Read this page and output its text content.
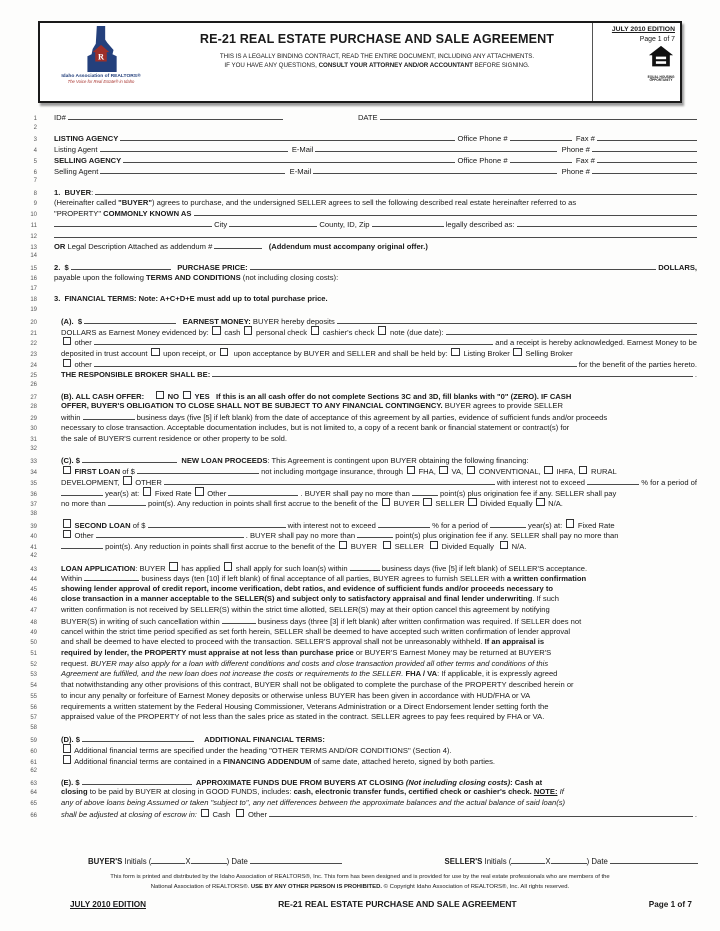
R
Idaho Association of REALTORS®
The Voice for Real Estate® in Idaho
RE-21 REAL ESTATE PURCHASE AND SALE AGREEMENT
THIS IS A LEGALLY BINDING CONTRACT, READ THE ENTIRE DOCUMENT, INCLUDING ANY ATTACHMENTS.
IF YOU HAVE ANY QUESTIONS, CONSULT YOUR ATTORNEY AND/OR ACCOUNTANT BEFORE SIGNING.
JULY 2010 EDITION
Page 1 of 7
EQUAL HOUSING
OPPORTUNITY
1 ID#	DATE
2
3 LISTING AGENCY	Office Phone #	Fax #
4 Listing Agent	E-Mail	Phone #
5 SELLING AGENCY	Office Phone #	Fax #
6 Selling Agent	E-Mail	Phone #
7
8 1.  BUYER :
9 (Hereinafter called "BUYER" ) agrees to purchase, and the undersigned SELLER agrees to sell the following described real estate hereinafter referred to as
10 "PROPERTY" COMMONLY KNOWN AS
11	City	County, ID, Zip	legally described as:
12
13 OR Legal Description Attached as addendum #
	(Addendum must accompany original offer.)
14
15 2.  $
	PURCHASE PRICE:	DOLLARS,
16 payable upon the following TERMS AND CONDITIONS (not including closing costs):
17
18 3.  FINANCIAL TERMS: Note: A+C+D+E must add up to total purchase price.
19
20	(A).  $
	EARNEST MONEY: BUYER hereby deposits
21	DOLLARS as Earnest Money evidenced by: cash personal check cashier's check note (due date):
22	other	and a receipt is hereby acknowledged. Earnest Money to be
23	deposited in trust account upon receipt, or upon acceptance by BUYER and SELLER and shall be held by: Listing Broker Selling Broker
24	other	for the benefit of the parties hereto.
25	THE RESPONSIBLE BROKER SHALL BE:	.
26
27	(B). ALL CASH OFFER:	NO YES
If this is an all cash offer do not complete Sections 3C and 3D, fill blanks with "0" (ZERO). IF CASH
28	OFFER, BUYER'S OBLIGATION TO CLOSE SHALL NOT BE SUBJECT TO ANY FINANCIAL CONTINGENCY. BUYER agrees to provide SELLER
29	within	business days (five [5] if left blank) from the date of acceptance of this agreement by all parties, evidence of sufficient funds and/or proceeds
30	necessary to close transaction. Acceptable documentation includes, but is not limited to, a copy of a recent bank or financial statement or contract(s) for
31	the sale of BUYER'S current residence or other property to be sold.
32
33	(C). $
	NEW LOAN PROCEEDS : This Agreement is contingent upon BUYER obtaining the following financing:
34
	FIRST LOAN of $	not including mortgage insurance, through FHA, VA, CONVENTIONAL, IHFA, RURAL
35	DEVELOPMENT, OTHER	with interest not to exceed	% for a period of
36	year(s) at: Fixed Rate Other	. BUYER shall pay no more than	point(s) plus origination fee if any. SELLER shall pay
37	no more than	point(s). Any reduction in points shall first accrue to the benefit of the BUYER SELLER Divided Equally N/A.
38
39
	SECOND LOAN of $	with interest not to exceed	% for a period of	year(s) at: Fixed Rate
40	Other	. BUYER shall pay no more than	point(s) plus origination fee if any. SELLER shall pay no more than
41	point(s). Any reduction in points shall first accrue to the benefit of the BUYER SELLER Divided Equally N/A.
42
43	LOAN APPLICATION : BUYER has applied shall apply for such loan(s) within	business days (five [5] if left blank) of SELLER'S acceptance.
44	Within	business days (ten [10] if left blank) of final acceptance of all parties, BUYER agrees to furnish SELLER with a written confirmation
45	showing lender approval of credit report, income verification, debt ratios, and evidence of sufficient funds and/or proceeds necessary to
46	close transaction in a manner acceptable to the SELLER(S) and subject only to satisfactory appraisal and final lender underwriting . If such
47	written confirmation is not received by SELLER(S) within the strict time allotted, SELLER(S) may at their option cancel this agreement by notifying
48	BUYER(S) in writing of such cancellation within	business days (three [3] if left blank) after written confirmation was required. If SELLER does not
49	cancel within the strict time period specified as set forth herein, SELLER shall be deemed to have accepted such written confirmation of lender approval
50	and shall be deemed to have elected to proceed with the transaction. SELLER'S approval shall not be unreasonably withheld. If an appraisal is
51	required by lender, the PROPERTY must appraise at not less than purchase price or BUYER'S Earnest Money may be returned at BUYER'S
52	request. BUYER may also apply for a loan with different conditions and costs and close transaction provided all other terms and conditions of this
53	Agreement are fulfilled, and the new loan does not increase the costs or requirements to the SELLER. FHA / VA : If applicable, it is expressly agreed
54	that notwithstanding any other provisions of this contract, BUYER shall not be obligated to complete the purchase of the PROPERTY described herein or
55	to incur any penalty or forfeiture of Earnest Money deposits or otherwise unless BUYER has been given in accordance with HUD/FHA or VA
56	requirements a written statement by the Federal Housing Commissioner, Veterans Administration or a Direct Endorsement lender setting forth the
57	appraised value of the PROPERTY of not less than the sales price as stated in the contract. SELLER agrees to pay fees required by FHA or VA.
58
59	(D). $	ADDITIONAL FINANCIAL TERMS:
60	Additional financial terms are specified under the heading "OTHER TERMS AND/OR CONDITIONS" (Section 4).
61	Additional financial terms are contained in a FINANCING ADDENDUM of same date, attached hereto, signed by both parties.
62
63	(E). $
	APPROXIMATE FUNDS DUE FROM BUYERS AT CLOSING (Not including closing costs) : Cash at
64	closing to be paid by BUYER at closing in GOOD FUNDS, includes: cash, electronic transfer funds, certified check or cashier's check. NOTE: If
65	any of above loans being Assumed or taken "subject to", any net differences between the approximate balances and the actual balance of said loan(s)
66	shall be adjusted at closing of escrow in: Cash Other	.
BUYER'S Initials (	X	) Date	SELLER'S Initials (	X	) Date
This form is printed and distributed by the Idaho Association of REALTORS®, Inc. This form has been designed and is provided for use by the real estate professionals who are members of the
National Association of REALTORS®. USE BY ANY OTHER PERSON IS PROHIBITED. © Copyright Idaho Association of REALTORS®, Inc. All rights reserved.
JULY 2010 EDITION	RE-21 REAL ESTATE PURCHASE AND SALE AGREEMENT	Page 1 of 7
